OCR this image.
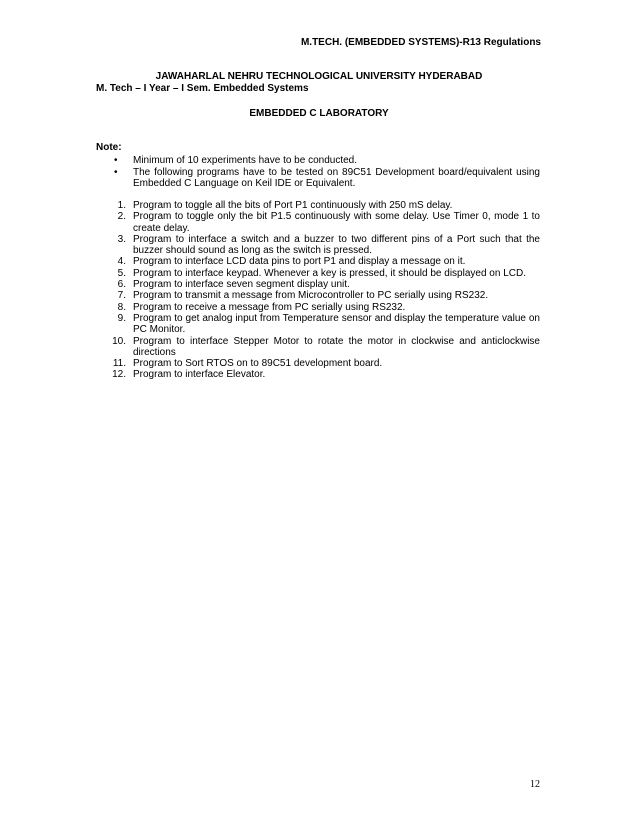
M.TECH. (EMBEDDED SYSTEMS)-R13 Regulations
JAWAHARLAL NEHRU TECHNOLOGICAL UNIVERSITY HYDERABAD
M. Tech – I Year – I Sem. Embedded Systems
EMBEDDED C LABORATORY
Note:
• Minimum of 10 experiments have to be conducted.
• The following programs have to be tested on 89C51 Development board/equivalent using Embedded C Language on Keil IDE or Equivalent.
1. Program to toggle all the bits of Port P1 continuously with 250 mS delay.
2. Program to toggle only the bit P1.5 continuously with some delay. Use Timer 0, mode 1 to create delay.
3. Program to interface a switch and a buzzer to two different pins of a Port such that the buzzer should sound as long as the switch is pressed.
4. Program to interface LCD data pins to port P1 and display a message on it.
5. Program to interface keypad. Whenever a key is pressed, it should be displayed on LCD.
6. Program to interface seven segment display unit.
7. Program to transmit a message from Microcontroller to PC serially using RS232.
8. Program to receive a message from PC serially using RS232.
9. Program to get analog input from Temperature sensor and display the temperature value on PC Monitor.
10. Program to interface Stepper Motor to rotate the motor in clockwise and anticlockwise directions
11. Program to Sort RTOS on to 89C51 development board.
12. Program to interface Elevator.
12
